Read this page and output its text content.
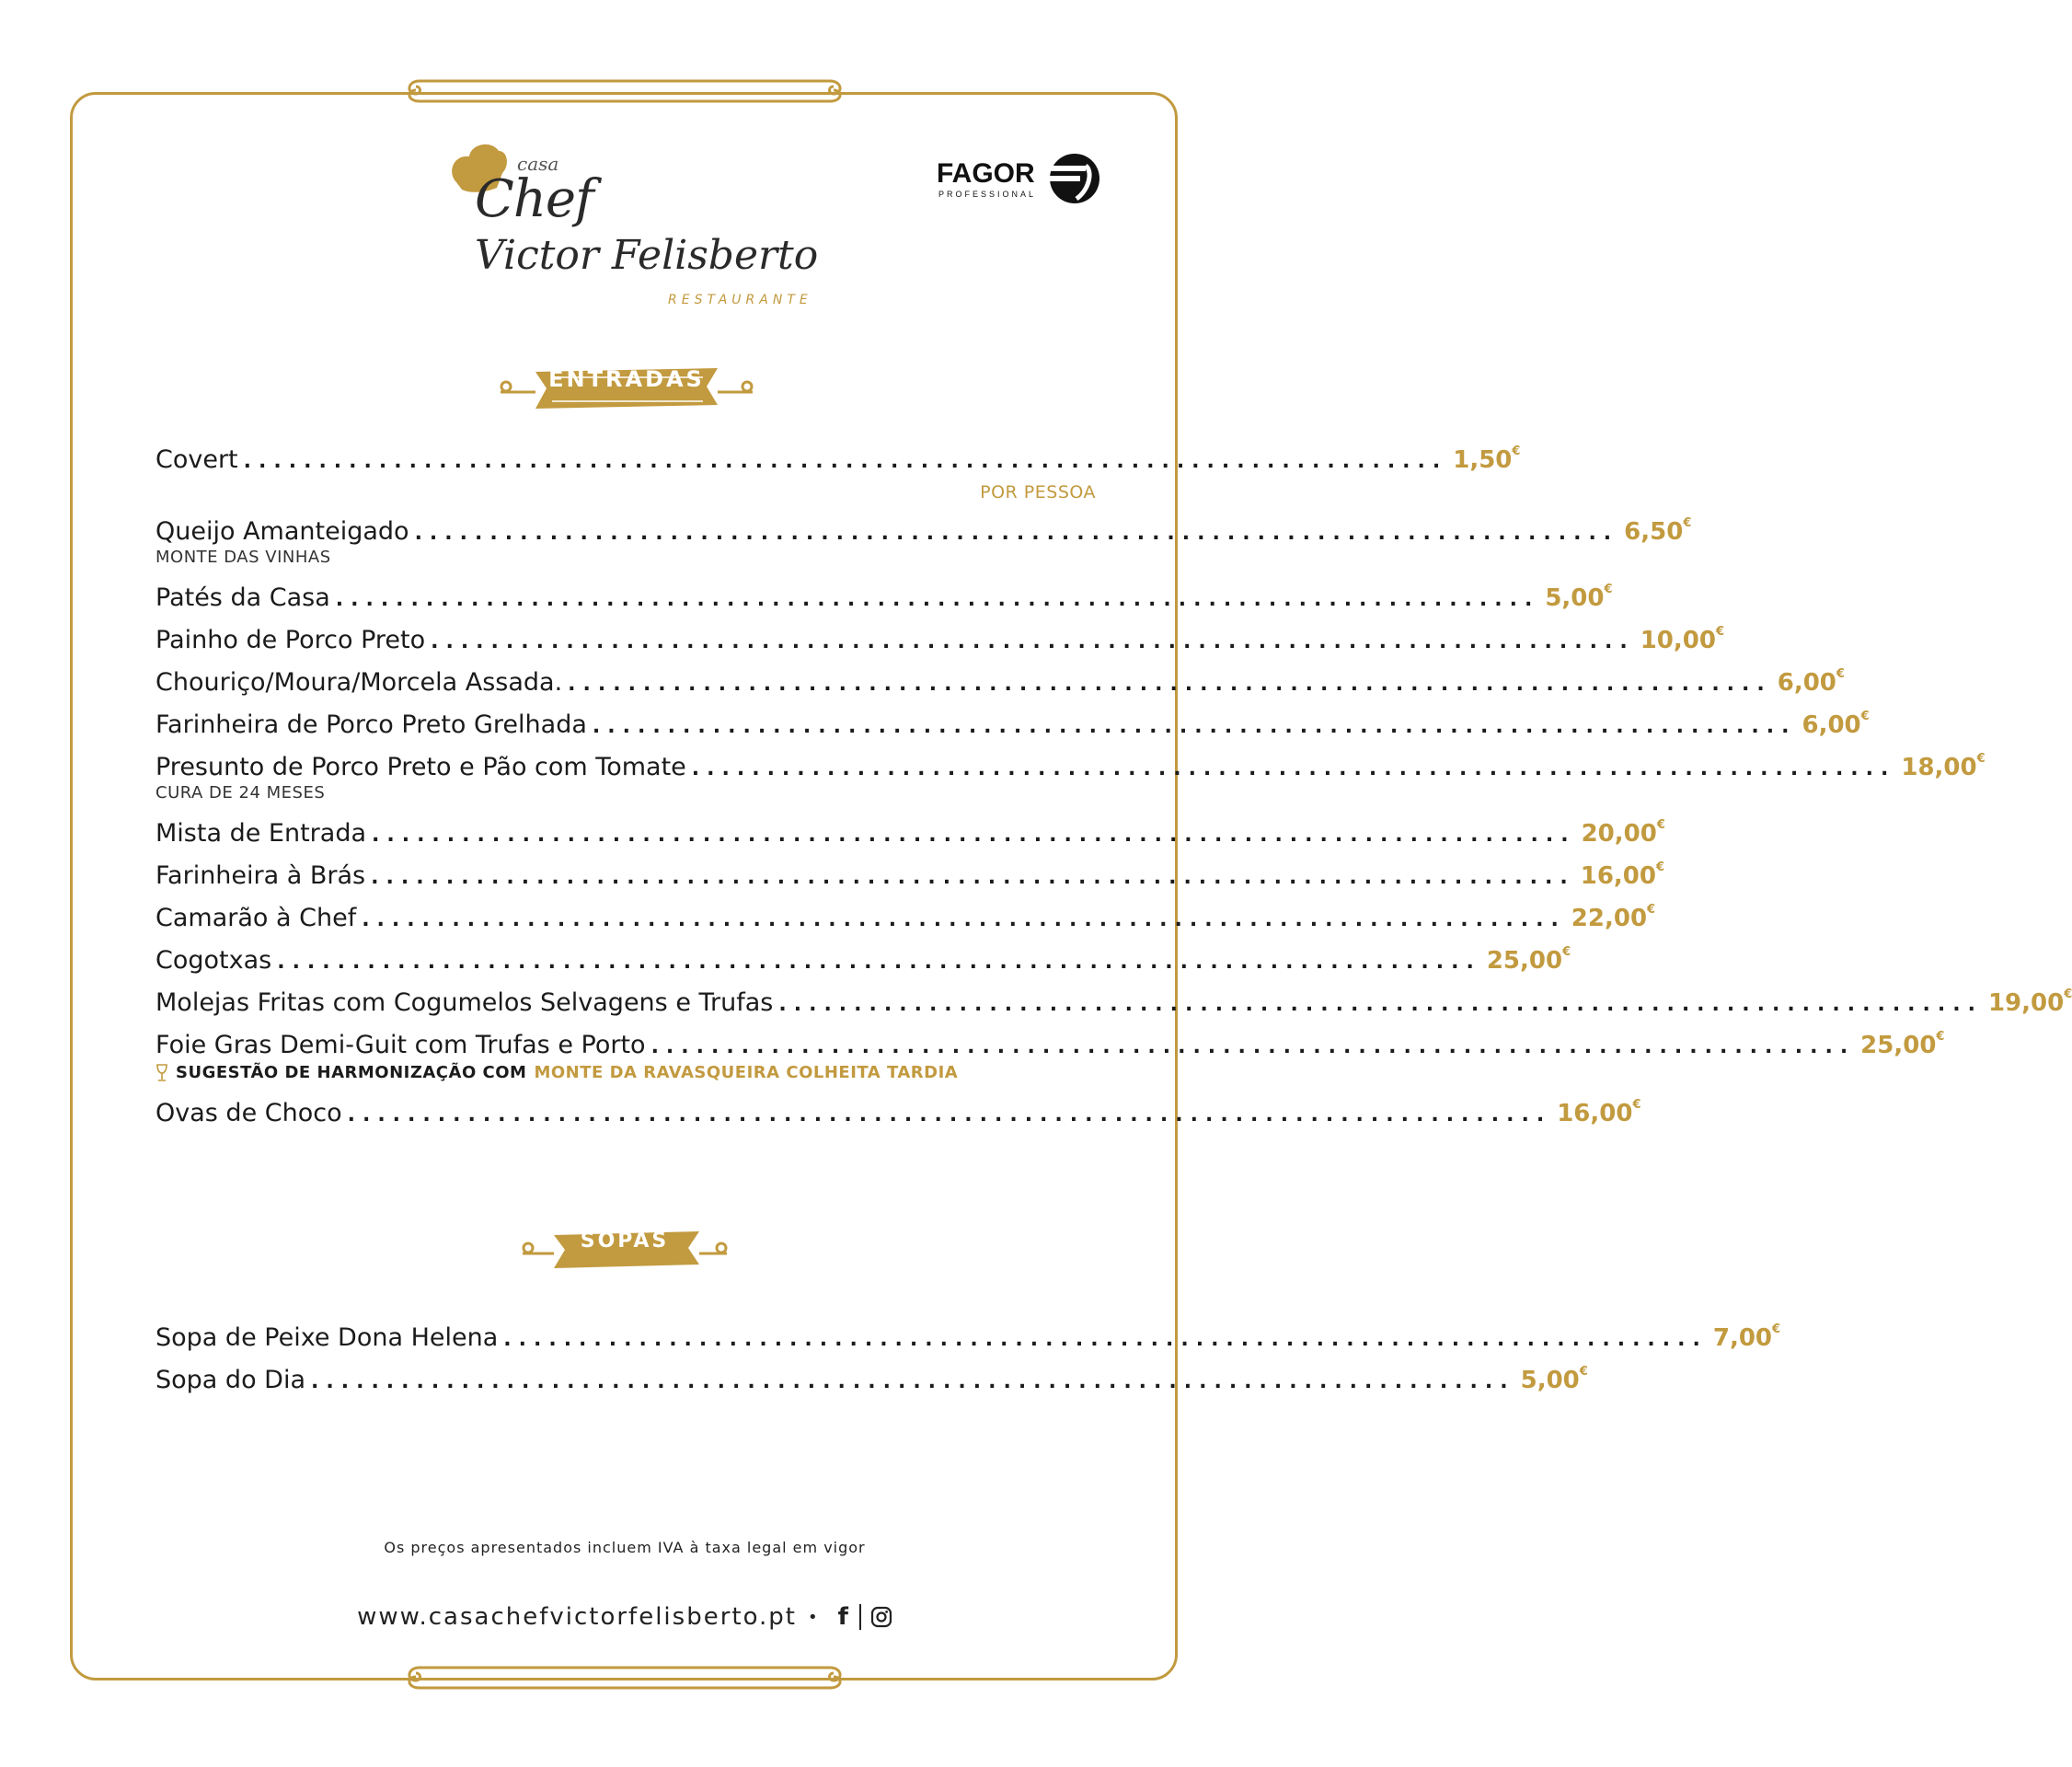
casa
Chef
Victor Felisberto
RESTAURANTE
FAGOR
PROFESSIONAL
ENTRADAS
Covert ................................................................................ 1,50€
POR PESSOA
Queijo Amanteigado ................................................................................ 6,50€
MONTE DAS VINHAS
Patés da Casa ................................................................................ 5,00€
Painho de Porco Preto ................................................................................ 10,00€
Chouriço/Moura/Morcela Assada. ................................................................................ 6,00€
Farinheira de Porco Preto Grelhada ................................................................................ 6,00€
Presunto de Porco Preto e Pão com Tomate ................................................................................ 18,00€
CURA DE 24 MESES
Mista de Entrada ................................................................................ 20,00€
Farinheira à Brás ................................................................................ 16,00€
Camarão à Chef ................................................................................ 22,00€
Cogotxas ................................................................................ 25,00€
Molejas Fritas com Cogumelos Selvagens e Trufas ................................................................................ 19,00€
Foie Gras Demi-Guit com Trufas e Porto ................................................................................ 25,00€
SUGESTÃO DE HARMONIZAÇÃO COM MONTE DA RAVASQUEIRA COLHEITA TARDIA
Ovas de Choco ................................................................................ 16,00€
SOPAS
Sopa de Peixe Dona Helena ................................................................................ 7,00€
Sopa do Dia ................................................................................ 5,00€
Os preços apresentados incluem IVA à taxa legal em vigor
www.casachefvictorfelisberto.pt • f
